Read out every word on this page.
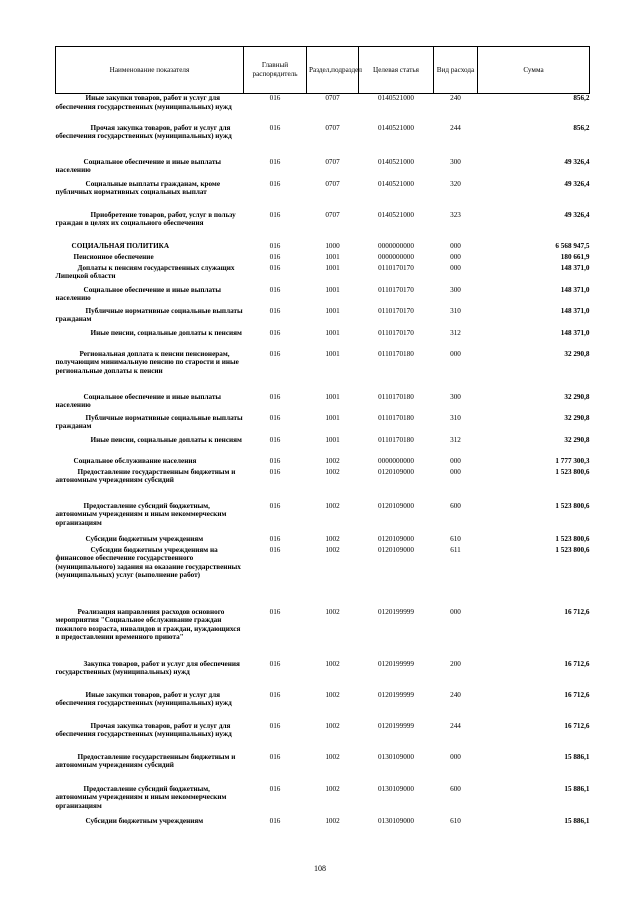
Наименование показателя	Главный распорядитель	Раздел,подраздел	Целевая статья	Вид расхода	Сумма
Иные закупки товаров, работ и услуг для обеспечения государственных (муниципальных) нужд	016	0707	0140521000	240	856,2
Прочая закупка товаров, работ и услуг для обеспечения государственных (муниципальных) нужд	016	0707	0140521000	244	856,2
Социальное обеспечение и иные выплаты населению	016	0707	0140521000	300	49 326,4
Социальные выплаты гражданам, кроме публичных нормативных социальных выплат	016	0707	0140521000	320	49 326,4
Приобретение товаров, работ, услуг в пользу граждан в целях их социального обеспечения	016	0707	0140521000	323	49 326,4
СОЦИАЛЬНАЯ ПОЛИТИКА	016	1000	0000000000	000	6 568 947,5
Пенсионное обеспечение	016	1001	0000000000	000	180 661,9
Доплаты к пенсиям государственных служащих Липецкой области	016	1001	0110170170	000	148 371,0
Социальное обеспечение и иные выплаты населению	016	1001	0110170170	300	148 371,0
Публичные нормативные социальные выплаты гражданам	016	1001	0110170170	310	148 371,0
Иные пенсии, социальные доплаты к пенсиям	016	1001	0110170170	312	148 371,0
Региональная доплата к пенсии пенсионерам, получающим минимальную пенсию по старости и иные региональные доплаты к пенсии	016	1001	0110170180	000	32 290,8
Социальное обеспечение и иные выплаты населению	016	1001	0110170180	300	32 290,8
Публичные нормативные социальные выплаты гражданам	016	1001	0110170180	310	32 290,8
Иные пенсии, социальные доплаты к пенсиям	016	1001	0110170180	312	32 290,8
Социальное обслуживание населения	016	1002	0000000000	000	1 777 300,3
Предоставление государственным бюджетным и автономным учреждениям субсидий	016	1002	0120109000	000	1 523 800,6
Предоставление субсидий бюджетным, автономным учреждениям и иным некоммерческим организациям	016	1002	0120109000	600	1 523 800,6
Субсидии бюджетным учреждениям	016	1002	0120109000	610	1 523 800,6
Субсидии бюджетным учреждениям на финансовое обеспечение государственного (муниципального) задания на оказание государственных (муниципальных) услуг (выполнение работ)	016	1002	0120109000	611	1 523 800,6
Реализация направления расходов основного мероприятия "Социальное обслуживание граждан пожилого возраста, инвалидов и граждан, нуждающихся в предоставлении временного приюта"	016	1002	0120199999	000	16 712,6
Закупка товаров, работ и услуг для обеспечения государственных (муниципальных) нужд	016	1002	0120199999	200	16 712,6
Иные закупки товаров, работ и услуг для обеспечения государственных (муниципальных) нужд	016	1002	0120199999	240	16 712,6
Прочая закупка товаров, работ и услуг для обеспечения государственных (муниципальных) нужд	016	1002	0120199999	244	16 712,6
Предоставление государственным бюджетным и автономным учреждениям субсидий	016	1002	0130109000	000	15 886,1
Предоставление субсидий бюджетным, автономным учреждениям и иным некоммерческим организациям	016	1002	0130109000	600	15 886,1
Субсидии бюджетным учреждениям	016	1002	0130109000	610	15 886,1
108
